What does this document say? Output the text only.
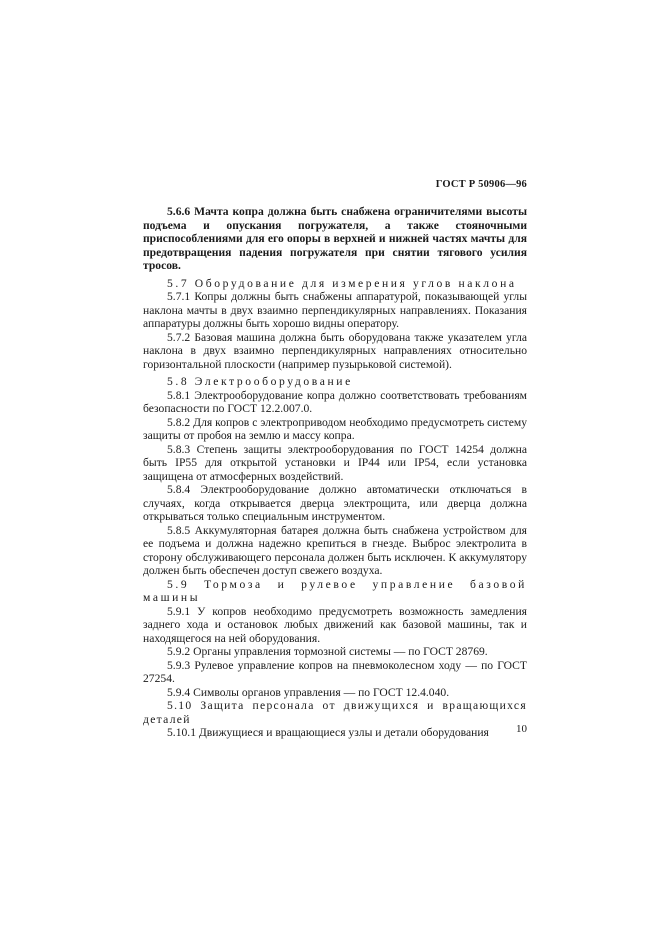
ГОСТ Р 50906—96

5.6.6 Мачта копра должна быть снабжена ограничителями высоты подъема и опускания погружателя, а также стояночными приспособлениями для его опоры в верхней и нижней частях мачты для предотвращения падения погружателя при снятии тягового усилия тросов.

5.7 Оборудование для измерения углов наклона

5.7.1 Копры должны быть снабжены аппаратурой, показывающей углы наклона мачты в двух взаимно перпендикулярных направлениях. Показания аппаратуры должны быть хорошо видны оператору.

5.7.2 Базовая машина должна быть оборудована также указателем угла наклона в двух взаимно перпендикулярных направлениях относительно горизонтальной плоскости (например пузырьковой системой).

5.8 Электрооборудование

5.8.1 Электрооборудование копра должно соответствовать требованиям безопасности по ГОСТ 12.2.007.0.

5.8.2 Для копров с электроприводом необходимо предусмотреть систему защиты от пробоя на землю и массу копра.

5.8.3 Степень защиты электрооборудования по ГОСТ 14254 должна быть IP55 для открытой установки и IP44 или IP54, если установка защищена от атмосферных воздействий.

5.8.4 Электрооборудование должно автоматически отключаться в случаях, когда открывается дверца электрощита, или дверца должна открываться только специальным инструментом.

5.8.5 Аккумуляторная батарея должна быть снабжена устройством для ее подъема и должна надежно крепиться в гнезде. Выброс электролита в сторону обслуживающего персонала должен быть исключен. К аккумулятору должен быть обеспечен доступ свежего воздуха.

5.9 Тормоза и рулевое управление базовой машины

5.9.1 У копров необходимо предусмотреть возможность замедления заднего хода и остановок любых движений как базовой машины, так и находящегося на ней оборудования.

5.9.2 Органы управления тормозной системы — по ГОСТ 28769.

5.9.3 Рулевое управление копров на пневмоколесном ходу — по ГОСТ 27254.

5.9.4 Символы органов управления — по ГОСТ 12.4.040.

5.10 Защита персонала от движущихся и вращающихся деталей

5.10.1 Движущиеся и вращающиеся узлы и детали оборудования	10
